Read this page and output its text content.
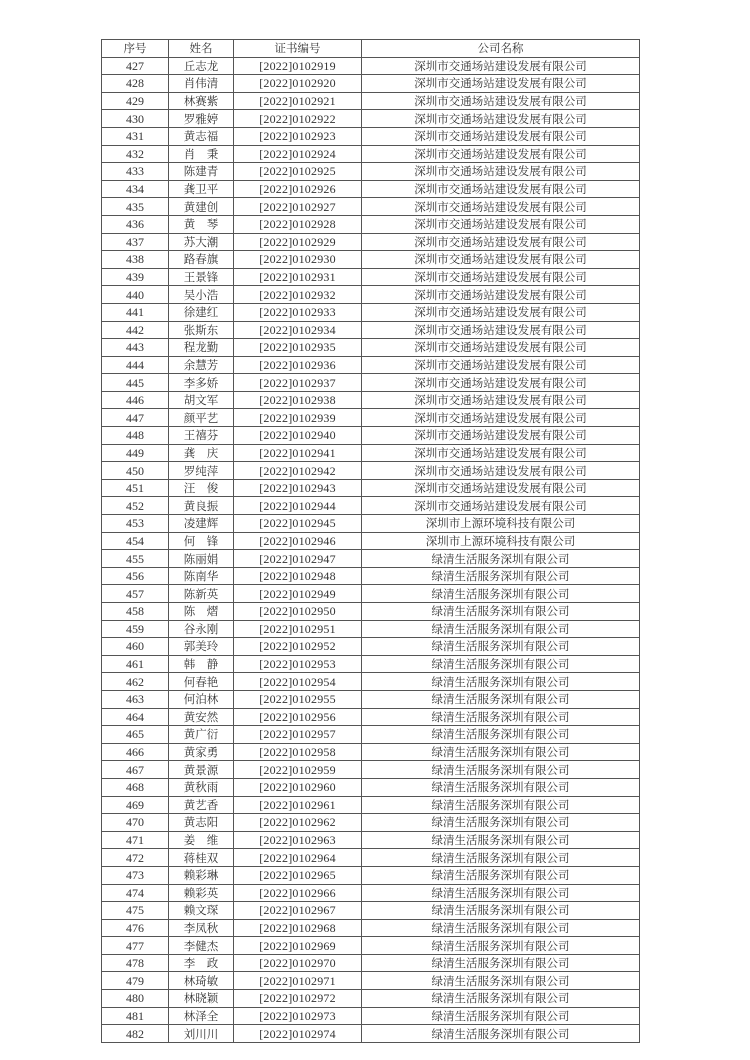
序号	姓名	证书编号	公司名称
427	丘志龙	[2022]0102919	深圳市交通场站建设发展有限公司
428	肖伟清	[2022]0102920	深圳市交通场站建设发展有限公司
429	林赛紫	[2022]0102921	深圳市交通场站建设发展有限公司
430	罗雅婷	[2022]0102922	深圳市交通场站建设发展有限公司
431	黄志福	[2022]0102923	深圳市交通场站建设发展有限公司
432	肖　秉	[2022]0102924	深圳市交通场站建设发展有限公司
433	陈建青	[2022]0102925	深圳市交通场站建设发展有限公司
434	龚卫平	[2022]0102926	深圳市交通场站建设发展有限公司
435	黄建创	[2022]0102927	深圳市交通场站建设发展有限公司
436	黄　琴	[2022]0102928	深圳市交通场站建设发展有限公司
437	苏大潮	[2022]0102929	深圳市交通场站建设发展有限公司
438	路春旗	[2022]0102930	深圳市交通场站建设发展有限公司
439	王景锋	[2022]0102931	深圳市交通场站建设发展有限公司
440	吴小浩	[2022]0102932	深圳市交通场站建设发展有限公司
441	徐建红	[2022]0102933	深圳市交通场站建设发展有限公司
442	张斯东	[2022]0102934	深圳市交通场站建设发展有限公司
443	程龙勤	[2022]0102935	深圳市交通场站建设发展有限公司
444	余慧芳	[2022]0102936	深圳市交通场站建设发展有限公司
445	李多娇	[2022]0102937	深圳市交通场站建设发展有限公司
446	胡文军	[2022]0102938	深圳市交通场站建设发展有限公司
447	颜平艺	[2022]0102939	深圳市交通场站建设发展有限公司
448	王禧芬	[2022]0102940	深圳市交通场站建设发展有限公司
449	龚　庆	[2022]0102941	深圳市交通场站建设发展有限公司
450	罗纯萍	[2022]0102942	深圳市交通场站建设发展有限公司
451	汪　俊	[2022]0102943	深圳市交通场站建设发展有限公司
452	黄良振	[2022]0102944	深圳市交通场站建设发展有限公司
453	凌建辉	[2022]0102945	深圳市上源环境科技有限公司
454	何　锋	[2022]0102946	深圳市上源环境科技有限公司
455	陈丽娟	[2022]0102947	绿清生活服务深圳有限公司
456	陈南华	[2022]0102948	绿清生活服务深圳有限公司
457	陈新英	[2022]0102949	绿清生活服务深圳有限公司
458	陈　熠	[2022]0102950	绿清生活服务深圳有限公司
459	谷永刚	[2022]0102951	绿清生活服务深圳有限公司
460	郭美玲	[2022]0102952	绿清生活服务深圳有限公司
461	韩　静	[2022]0102953	绿清生活服务深圳有限公司
462	何春艳	[2022]0102954	绿清生活服务深圳有限公司
463	何泊林	[2022]0102955	绿清生活服务深圳有限公司
464	黄安然	[2022]0102956	绿清生活服务深圳有限公司
465	黄广衍	[2022]0102957	绿清生活服务深圳有限公司
466	黄家勇	[2022]0102958	绿清生活服务深圳有限公司
467	黄景源	[2022]0102959	绿清生活服务深圳有限公司
468	黄秋雨	[2022]0102960	绿清生活服务深圳有限公司
469	黄艺香	[2022]0102961	绿清生活服务深圳有限公司
470	黄志阳	[2022]0102962	绿清生活服务深圳有限公司
471	姜　维	[2022]0102963	绿清生活服务深圳有限公司
472	蒋桂双	[2022]0102964	绿清生活服务深圳有限公司
473	赖彩琳	[2022]0102965	绿清生活服务深圳有限公司
474	赖彩英	[2022]0102966	绿清生活服务深圳有限公司
475	赖文琛	[2022]0102967	绿清生活服务深圳有限公司
476	李凤秋	[2022]0102968	绿清生活服务深圳有限公司
477	李健杰	[2022]0102969	绿清生活服务深圳有限公司
478	李　政	[2022]0102970	绿清生活服务深圳有限公司
479	林琦敏	[2022]0102971	绿清生活服务深圳有限公司
480	林晓颖	[2022]0102972	绿清生活服务深圳有限公司
481	林泽全	[2022]0102973	绿清生活服务深圳有限公司
482	刘川川	[2022]0102974	绿清生活服务深圳有限公司
